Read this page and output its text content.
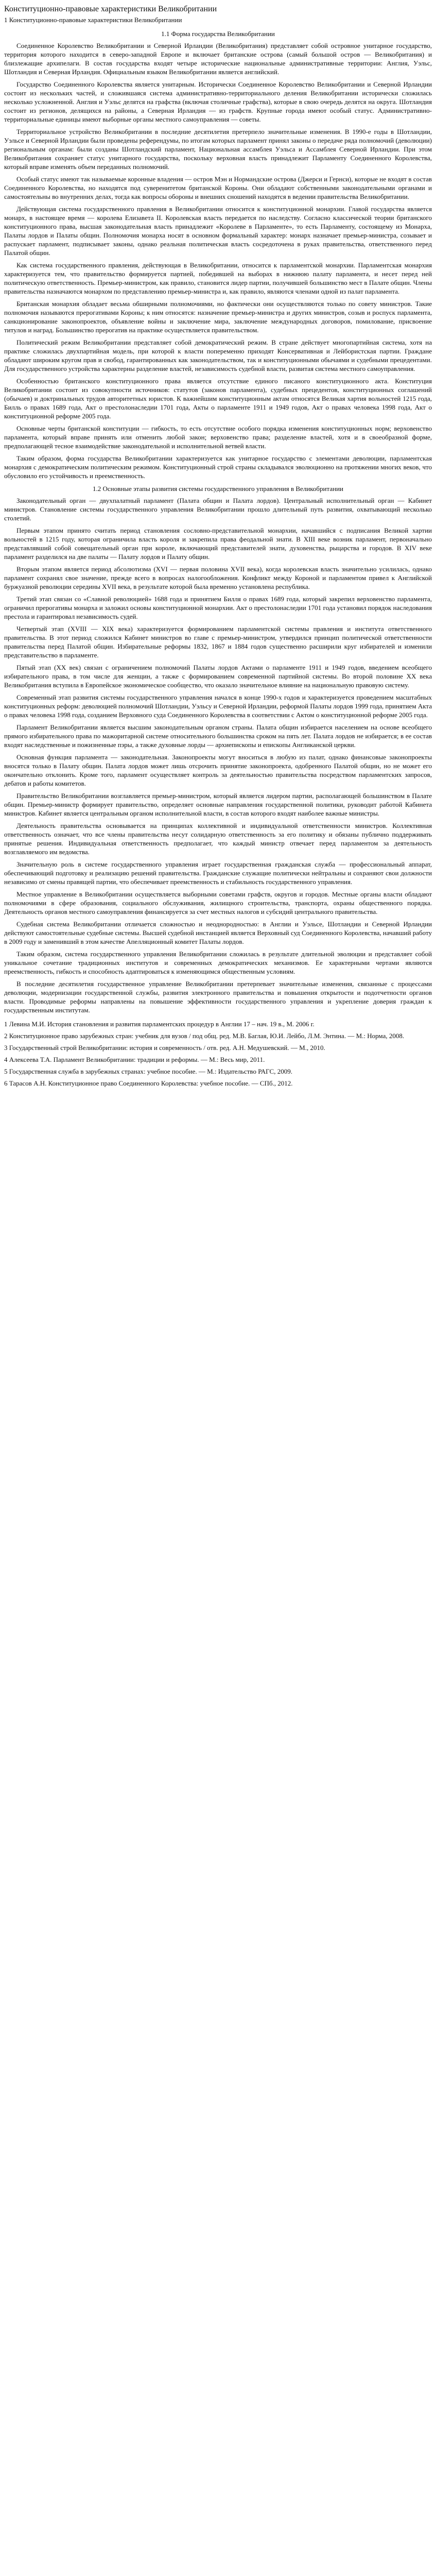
Конституционно-правовые характеристики Великобритании
1 Конституционно-правовые характеристики Великобритании
1.1 Форма государства Великобритании

Соединенное Королевство Великобритании и Северной Ирландии (Великобритания) представляет собой островное унитарное государство, территория которого находится в северо-западной Европе и включает британские острова (самый большой остров — Великобритания) и близлежащие архипелаги. В состав государства входят четыре исторические национальные административные территории: Англия, Уэльс, Шотландия и Северная Ирландия. Официальным языком Великобритании является английский.

Государство Соединенного Королевства является унитарным. Исторически Соединенное Королевство Великобритании и Северной Ирландии состоит из нескольких частей, и сложившаяся система административно-территориального деления Великобритании исторически сложилась несколько усложненной. Англия и Уэльс делятся на графства (включая столичные графства), которые в свою очередь делятся на округа. Шотландия состоит из регионов, делящихся на районы, а Северная Ирландия — из графств. Крупные города имеют особый статус. Административно-территориальные единицы имеют выборные органы местного самоуправления — советы.

Территориальное устройство Великобритании в последние десятилетия претерпело значительные изменения. В 1990-е годы в Шотландии, Уэльсе и Северной Ирландии были проведены референдумы, по итогам которых парламент принял законы о передаче ряда полномочий (деволюции) региональным органам: были созданы Шотландский парламент, Национальная ассамблея Уэльса и Ассамблея Северной Ирландии. При этом Великобритания сохраняет статус унитарного государства, поскольку верховная власть принадлежит Парламенту Соединенного Королевства, который вправе изменять объем переданных полномочий.

Особый статус имеют так называемые коронные владения — остров Мэн и Нормандские острова (Джерси и Гернси), которые не входят в состав Соединенного Королевства, но находятся под суверенитетом британской Короны. Они обладают собственными законодательными органами и самостоятельны во внутренних делах, тогда как вопросы обороны и внешних сношений находятся в ведении правительства Великобритании.

Действующая система государственного правления в Великобритании относится к конституционной монархии. Главой государства является монарх, в настоящее время — королева Елизавета II. Королевская власть передается по наследству. Согласно классической теории британского конституционного права, высшая законодательная власть принадлежит «Королеве в Парламенте», то есть Парламенту, состоящему из Монарха, Палаты лордов и Палаты общин. Полномочия монарха носят в основном формальный характер: монарх назначает премьер-министра, созывает и распускает парламент, подписывает законы, однако реальная политическая власть сосредоточена в руках правительства, ответственного перед Палатой общин.

Как система государственного правления, действующая в Великобритании, относится к парламентской монархии. Парламентская монархия характеризуется тем, что правительство формируется партией, победившей на выборах в нижнюю палату парламента, и несет перед ней политическую ответственность. Премьер-министром, как правило, становится лидер партии, получившей большинство мест в Палате общин. Члены правительства назначаются монархом по представлению премьер-министра и, как правило, являются членами одной из палат парламента.

Британская монархия обладает весьма обширными полномочиями, но фактически они осуществляются только по совету министров. Такие полномочия называются прерогативами Короны; к ним относятся: назначение премьер-министра и других министров, созыв и роспуск парламента, санкционирование законопроектов, объявление войны и заключение мира, заключение международных договоров, помилование, присвоение титулов и наград. Большинство прерогатив на практике осуществляется правительством.

Политический режим Великобритании представляет собой демократический режим. В стране действует многопартийная система, хотя на практике сложилась двухпартийная модель, при которой к власти попеременно приходят Консервативная и Лейбористская партии. Граждане обладают широким кругом прав и свобод, гарантированных как законодательством, так и конституционными обычаями и судебными прецедентами. Для государственного устройства характерны разделение властей, независимость судебной власти, развитая система местного самоуправления.

Особенностью британского конституционного права является отсутствие единого писаного конституционного акта. Конституция Великобритании состоит из совокупности источников: статутов (законов парламента), судебных прецедентов, конституционных соглашений (обычаев) и доктринальных трудов авторитетных юристов. К важнейшим конституционным актам относятся Великая хартия вольностей 1215 года, Билль о правах 1689 года, Акт о престолонаследии 1701 года, Акты о парламенте 1911 и 1949 годов, Акт о правах человека 1998 года, Акт о конституционной реформе 2005 года.

Основные черты британской конституции — гибкость, то есть отсутствие особого порядка изменения конституционных норм; верховенство парламента, который вправе принять или отменить любой закон; верховенство права; разделение властей, хотя и в своеобразной форме, предполагающей тесное взаимодействие законодательной и исполнительной ветвей власти.

Таким образом, форма государства Великобритании характеризуется как унитарное государство с элементами деволюции, парламентская монархия с демократическим политическим режимом. Конституционный строй страны складывался эволюционно на протяжении многих веков, что обусловило его устойчивость и преемственность.

1.2 Основные этапы развития системы государственного управления в Великобритании

Законодательный орган — двухпалатный парламент (Палата общин и Палата лордов). Центральный исполнительный орган — Кабинет министров. Становление системы государственного управления Великобритании прошло длительный путь развития, охватывающий несколько столетий.

Первым этапом принято считать период становления сословно-представительной монархии, начавшийся с подписания Великой хартии вольностей в 1215 году, которая ограничила власть короля и закрепила права феодальной знати. В XIII веке возник парламент, первоначально представлявший собой совещательный орган при короле, включающий представителей знати, духовенства, рыцарства и городов. В XIV веке парламент разделился на две палаты — Палату лордов и Палату общин.

Вторым этапом является период абсолютизма (XVI — первая половина XVII века), когда королевская власть значительно усилилась, однако парламент сохранял свое значение, прежде всего в вопросах налогообложения. Конфликт между Короной и парламентом привел к Английской буржуазной революции середины XVII века, в результате которой была временно установлена республика.

Третий этап связан со «Славной революцией» 1688 года и принятием Билля о правах 1689 года, который закрепил верховенство парламента, ограничил прерогативы монарха и заложил основы конституционной монархии. Акт о престолонаследии 1701 года установил порядок наследования престола и гарантировал независимость судей.

Четвертый этап (XVIII — XIX века) характеризуется формированием парламентской системы правления и института ответственного правительства. В этот период сложился Кабинет министров во главе с премьер-министром, утвердился принцип политической ответственности правительства перед Палатой общин. Избирательные реформы 1832, 1867 и 1884 годов существенно расширили круг избирателей и изменили представительство в парламенте.

Пятый этап (XX век) связан с ограничением полномочий Палаты лордов Актами о парламенте 1911 и 1949 годов, введением всеобщего избирательного права, в том числе для женщин, а также с формированием современной партийной системы. Во второй половине XX века Великобритания вступила в Европейское экономическое сообщество, что оказало значительное влияние на национальную правовую систему.

Современный этап развития системы государственного управления начался в конце 1990-х годов и характеризуется проведением масштабных конституционных реформ: деволюцией полномочий Шотландии, Уэльсу и Северной Ирландии, реформой Палаты лордов 1999 года, принятием Акта о правах человека 1998 года, созданием Верховного суда Соединенного Королевства в соответствии с Актом о конституционной реформе 2005 года.

Парламент Великобритании является высшим законодательным органом страны. Палата общин избирается населением на основе всеобщего прямого избирательного права по мажоритарной системе относительного большинства сроком на пять лет. Палата лордов не избирается; в ее состав входят наследственные и пожизненные пэры, а также духовные лорды — архиепископы и епископы Англиканской церкви.

Основная функция парламента — законодательная. Законопроекты могут вноситься в любую из палат, однако финансовые законопроекты вносятся только в Палату общин. Палата лордов может лишь отсрочить принятие законопроекта, одобренного Палатой общин, но не может его окончательно отклонить. Кроме того, парламент осуществляет контроль за деятельностью правительства посредством парламентских запросов, дебатов и работы комитетов.

Правительство Великобритании возглавляется премьер-министром, который является лидером партии, располагающей большинством в Палате общин. Премьер-министр формирует правительство, определяет основные направления государственной политики, руководит работой Кабинета министров. Кабинет является центральным органом исполнительной власти, в состав которого входят наиболее важные министры.

Деятельность правительства основывается на принципах коллективной и индивидуальной ответственности министров. Коллективная ответственность означает, что все члены правительства несут солидарную ответственность за его политику и обязаны публично поддерживать принятые решения. Индивидуальная ответственность предполагает, что каждый министр отвечает перед парламентом за деятельность возглавляемого им ведомства.

Значительную роль в системе государственного управления играет государственная гражданская служба — профессиональный аппарат, обеспечивающий подготовку и реализацию решений правительства. Гражданские служащие политически нейтральны и сохраняют свои должности независимо от смены правящей партии, что обеспечивает преемственность и стабильность государственного управления.

Местное управление в Великобритании осуществляется выборными советами графств, округов и городов. Местные органы власти обладают полномочиями в сфере образования, социального обслуживания, жилищного строительства, транспорта, охраны общественного порядка. Деятельность органов местного самоуправления финансируется за счет местных налогов и субсидий центрального правительства.

Судебная система Великобритании отличается сложностью и неоднородностью: в Англии и Уэльсе, Шотландии и Северной Ирландии действуют самостоятельные судебные системы. Высшей судебной инстанцией является Верховный суд Соединенного Королевства, начавший работу в 2009 году и заменивший в этом качестве Апелляционный комитет Палаты лордов.

Таким образом, система государственного управления Великобритании сложилась в результате длительной эволюции и представляет собой уникальное сочетание традиционных институтов и современных демократических механизмов. Ее характерными чертами являются преемственность, гибкость и способность адаптироваться к изменяющимся общественным условиям.

В последние десятилетия государственное управление Великобритании претерпевает значительные изменения, связанные с процессами деволюции, модернизации государственной службы, развития электронного правительства и повышения открытости и подотчетности органов власти. Проводимые реформы направлены на повышение эффективности государственного управления и укрепление доверия граждан к государственным институтам.

1 Левина М.И. История становления и развития парламентских процедур в Англии 17 – нач. 19 в., М. 2006 г.
2 Конституционное право зарубежных стран: учебник для вузов / под общ. ред. М.В. Баглая, Ю.И. Лейбо, Л.М. Энтина. — М.: Норма, 2008.
3 Государственный строй Великобритании: история и современность / отв. ред. А.Н. Медушевский. — М., 2010.
4 Алексеева Т.А. Парламент Великобритании: традиции и реформы. — М.: Весь мир, 2011.
5 Государственная служба в зарубежных странах: учебное пособие. — М.: Издательство РАГС, 2009.
6 Тарасов А.Н. Конституционное право Соединенного Королевства: учебное пособие. — СПб., 2012.
